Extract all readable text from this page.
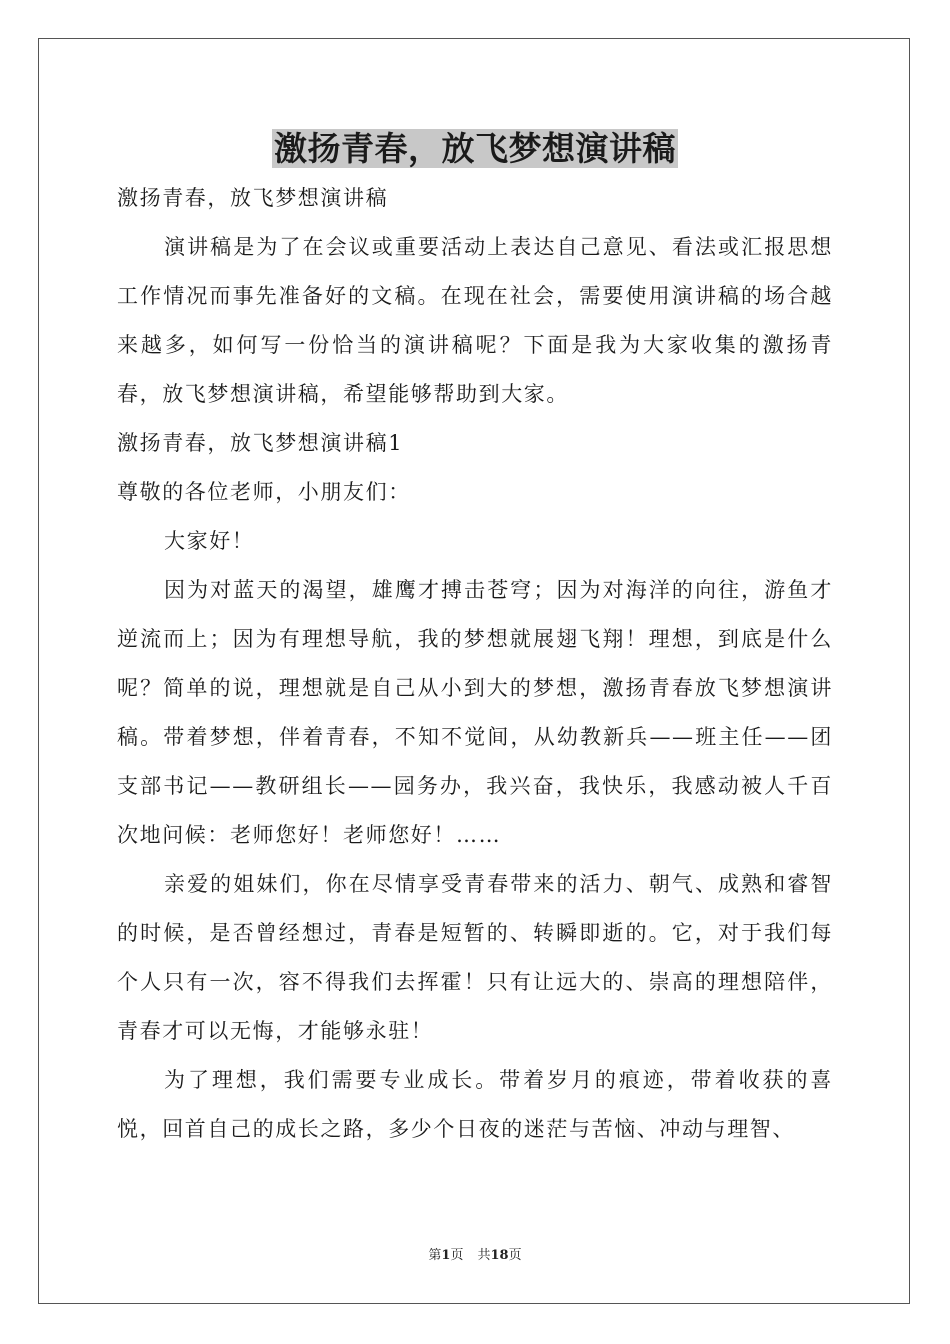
激扬青春，放飞梦想演讲稿

激扬青春，放飞梦想演讲稿

演讲稿是为了在会议或重要活动上表达自己意见、看法或汇报思想工作情况而事先准备好的文稿。在现在社会，需要使用演讲稿的场合越来越多，如何写一份恰当的演讲稿呢？下面是我为大家收集的激扬青春，放飞梦想演讲稿，希望能够帮助到大家。

激扬青春，放飞梦想演讲稿1

尊敬的各位老师，小朋友们：

大家好！

因为对蓝天的渴望，雄鹰才搏击苍穹；因为对海洋的向往，游鱼才逆流而上；因为有理想导航，我的梦想就展翅飞翔！理想，到底是什么呢？简单的说，理想就是自己从小到大的梦想，激扬青春放飞梦想演讲稿。带着梦想，伴着青春，不知不觉间，从幼教新兵——班主任——团支部书记——教研组长——园务办，我兴奋，我快乐，我感动被人千百次地问候：老师您好！老师您好！……

亲爱的姐妹们，你在尽情享受青春带来的活力、朝气、成熟和睿智的时候，是否曾经想过，青春是短暂的、转瞬即逝的。它，对于我们每个人只有一次，容不得我们去挥霍！只有让远大的、崇高的理想陪伴，青春才可以无悔，才能够永驻！

为了理想，我们需要专业成长。带着岁月的痕迹，带着收获的喜悦，回首自己的成长之路，多少个日夜的迷茫与苦恼、冲动与理智、

第1页 共18页
